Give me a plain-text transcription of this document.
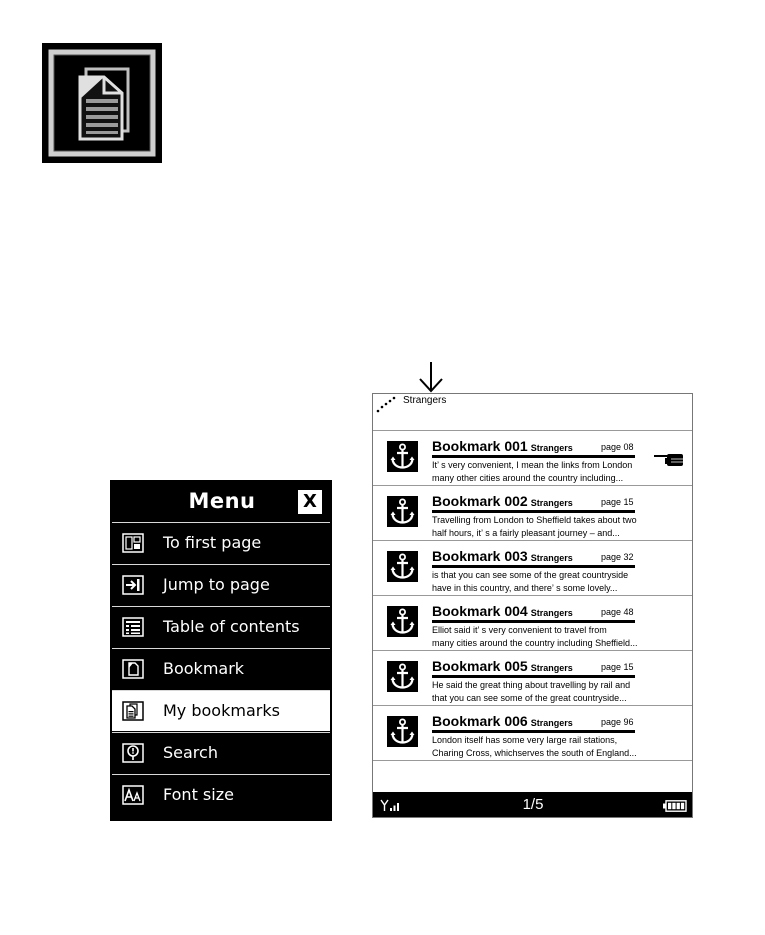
Menu	X
To first page
Jump to page
Table of contents
Bookmark
My bookmarks
Search
Font size
Strangers
Bookmark 001 Strangers	page 08
It’ s very convenient, I mean the links from London
many other cities around the country including...
Bookmark 002 Strangers	page 15
Travelling from London to Sheffield takes about two
half hours, it’ s a fairly pleasant journey – and...
Bookmark 003 Strangers	page 32
is that you can see some of the great countryside
have in this country, and there’ s some lovely...
Bookmark 004 Strangers	page 48
Elliot said it’ s very convenient to travel from
many cities around the country including Sheffield...
Bookmark 005 Strangers	page 15
He said the great thing about travelling by rail and
that you can see some of the great countryside...
Bookmark 006 Strangers	page 96
London itself has some very large rail stations,
Charing Cross, whichserves the south of England...
1/5
